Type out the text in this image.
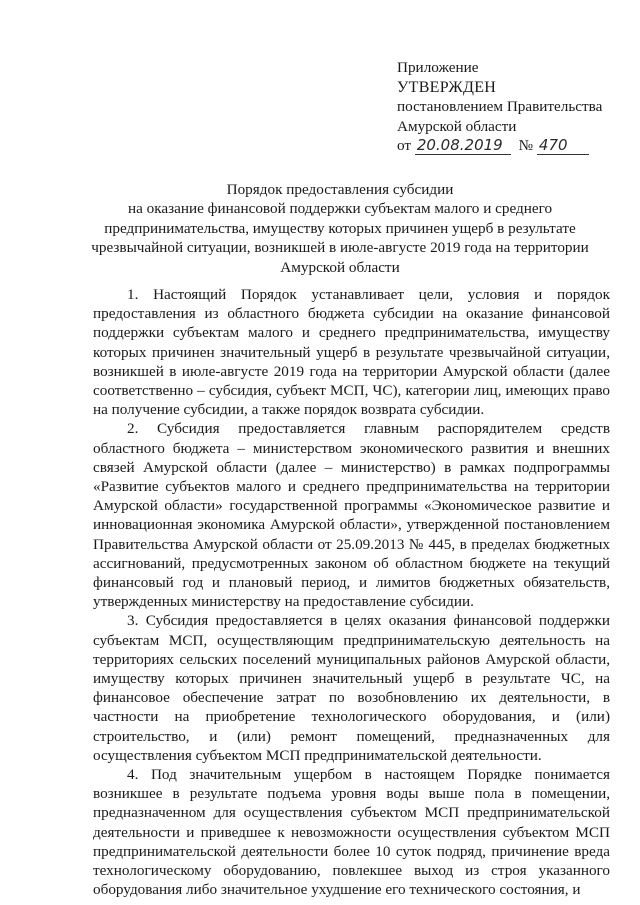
Приложение
УТВЕРЖДЕН
постановлением Правительства
Амурской области
от 20.08.2019 № 470
Порядок предоставления субсидии
на оказание финансовой поддержки субъектам малого и среднего
предпринимательства, имуществу которых причинен ущерб в результате
чрезвычайной ситуации, возникшей в июле-августе 2019 года на территории
Амурской области

1. Настоящий Порядок устанавливает цели, условия и порядок предоставления из областного бюджета субсидии на оказание финансовой поддержки субъектам малого и среднего предпринимательства, имуществу которых причинен значительный ущерб в результате чрезвычайной ситуации, возникшей в июле-августе 2019 года на территории Амурской области (далее соответственно – субсидия, субъект МСП, ЧС), категории лиц, имеющих право на получение субсидии, а также порядок возврата субсидии.

2. Субсидия предоставляется главным распорядителем средств областного бюджета – министерством экономического развития и внешних связей Амурской области (далее – министерство) в рамках подпрограммы «Развитие субъектов малого и среднего предпринимательства на территории Амурской области» государственной программы «Экономическое развитие и инновационная экономика Амурской области», утвержденной постановлением Правительства Амурской области от 25.09.2013 № 445, в пределах бюджетных ассигнований, предусмотренных законом об областном бюджете на текущий финансовый год и плановый период, и лимитов бюджетных обязательств, утвержденных министерству на предоставление субсидии.

3. Субсидия предоставляется в целях оказания финансовой поддержки субъектам МСП, осуществляющим предпринимательскую деятельность на территориях сельских поселений муниципальных районов Амурской области, имуществу которых причинен значительный ущерб в результате ЧС, на финансовое обеспечение затрат по возобновлению их деятельности, в частности на приобретение технологического оборудования, и (или) строительство, и (или) ремонт помещений, предназначенных для осуществления субъектом МСП предпринимательской деятельности.

4. Под значительным ущербом в настоящем Порядке понимается возникшее в результате подъема уровня воды выше пола в помещении, предназначенном для осуществления субъектом МСП предпринимательской деятельности и приведшее к невозможности осуществления субъектом МСП предпринимательской деятельности более 10 суток подряд, причинение вреда технологическому оборудованию, повлекшее выход из строя указанного оборудования либо значительное ухудшение его технического состояния, и
